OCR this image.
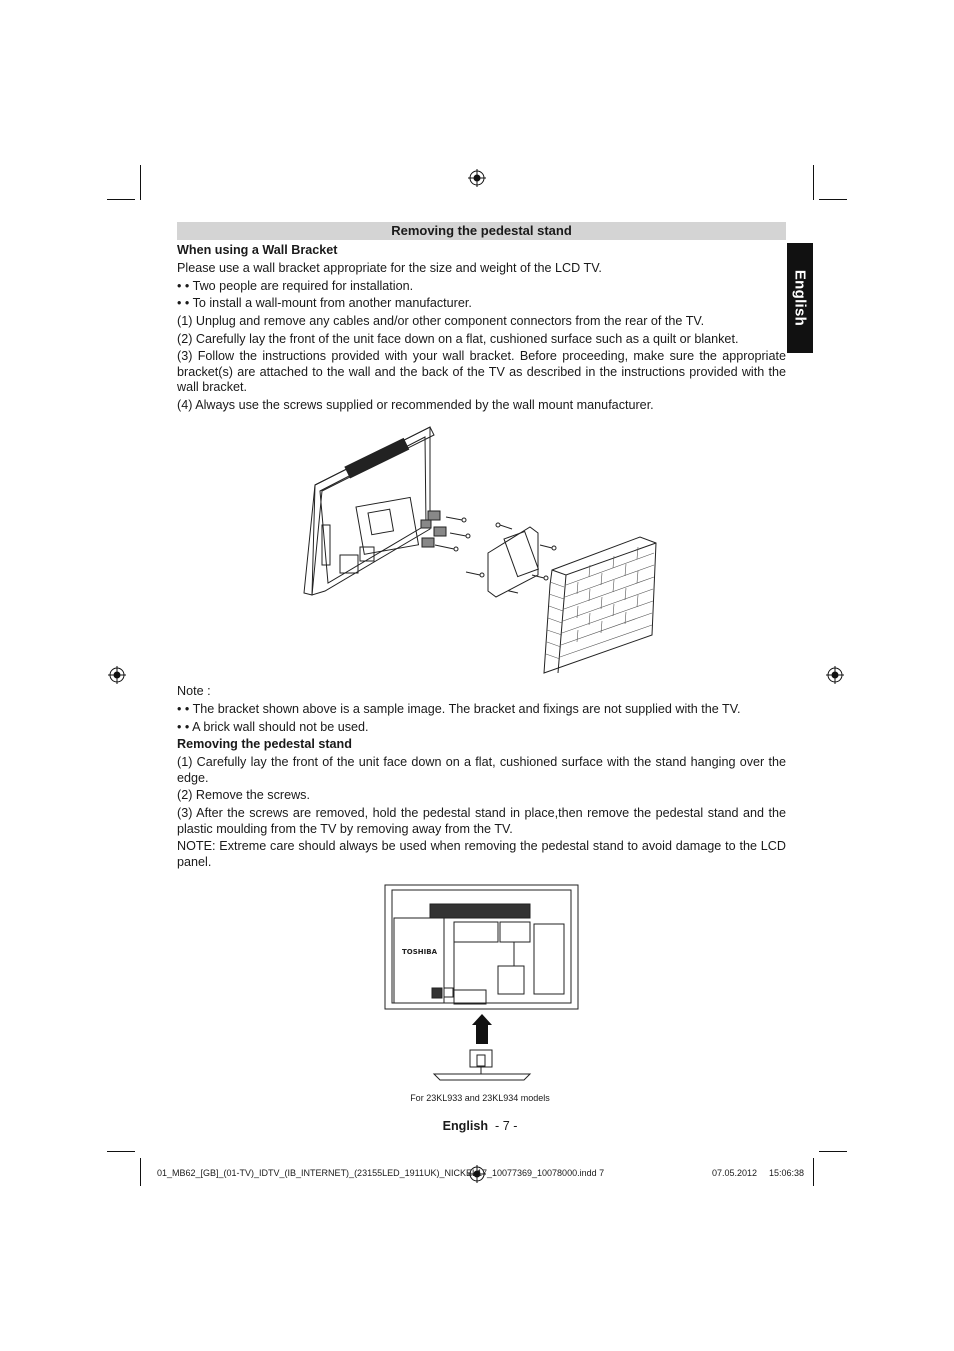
Removing the pedestal stand
English
When using a Wall Bracket
Please use a wall bracket appropriate for the size and weight of the LCD TV.
• • Two people are required for installation.
• • To install a wall-mount from another manufacturer.
(1) Unplug and remove any cables and/or other component connectors from the rear of the TV.
(2) Carefully lay the front of the unit face down on a flat, cushioned surface such as a quilt or blanket.
(3) Follow the instructions provided with your wall bracket. Before proceeding, make sure the appropriate bracket(s) are attached to the wall and the back of the TV as described in the instructions provided with the wall bracket.
(4) Always use the screws supplied or recommended by the wall mount manufacturer.
Note :
• • The bracket shown above is a sample image. The bracket and fixings are not supplied with the TV.
• • A brick wall should not be used.
Removing the pedestal stand
(1) Carefully lay the front of the unit face down on a flat, cushioned surface with the stand hanging over the edge.
(2) Remove the screws.
(3) After the screws are removed, hold the pedestal stand in place,then remove the pedestal stand and the plastic moulding from the TV by removing away from the TV.
NOTE: Extreme care should always be used when removing the pedestal stand to avoid damage to the LCD panel.
TOSHIBA
For 23KL933 and 23KL934 models
English - 7 -
01_MB62_[GB]_(01-TV)_IDTV_(IB_INTERNET)_(23155LED_1911UK)_NICKEL17_10077369_10078000.indd 7	07.05.2012 15:06:38
